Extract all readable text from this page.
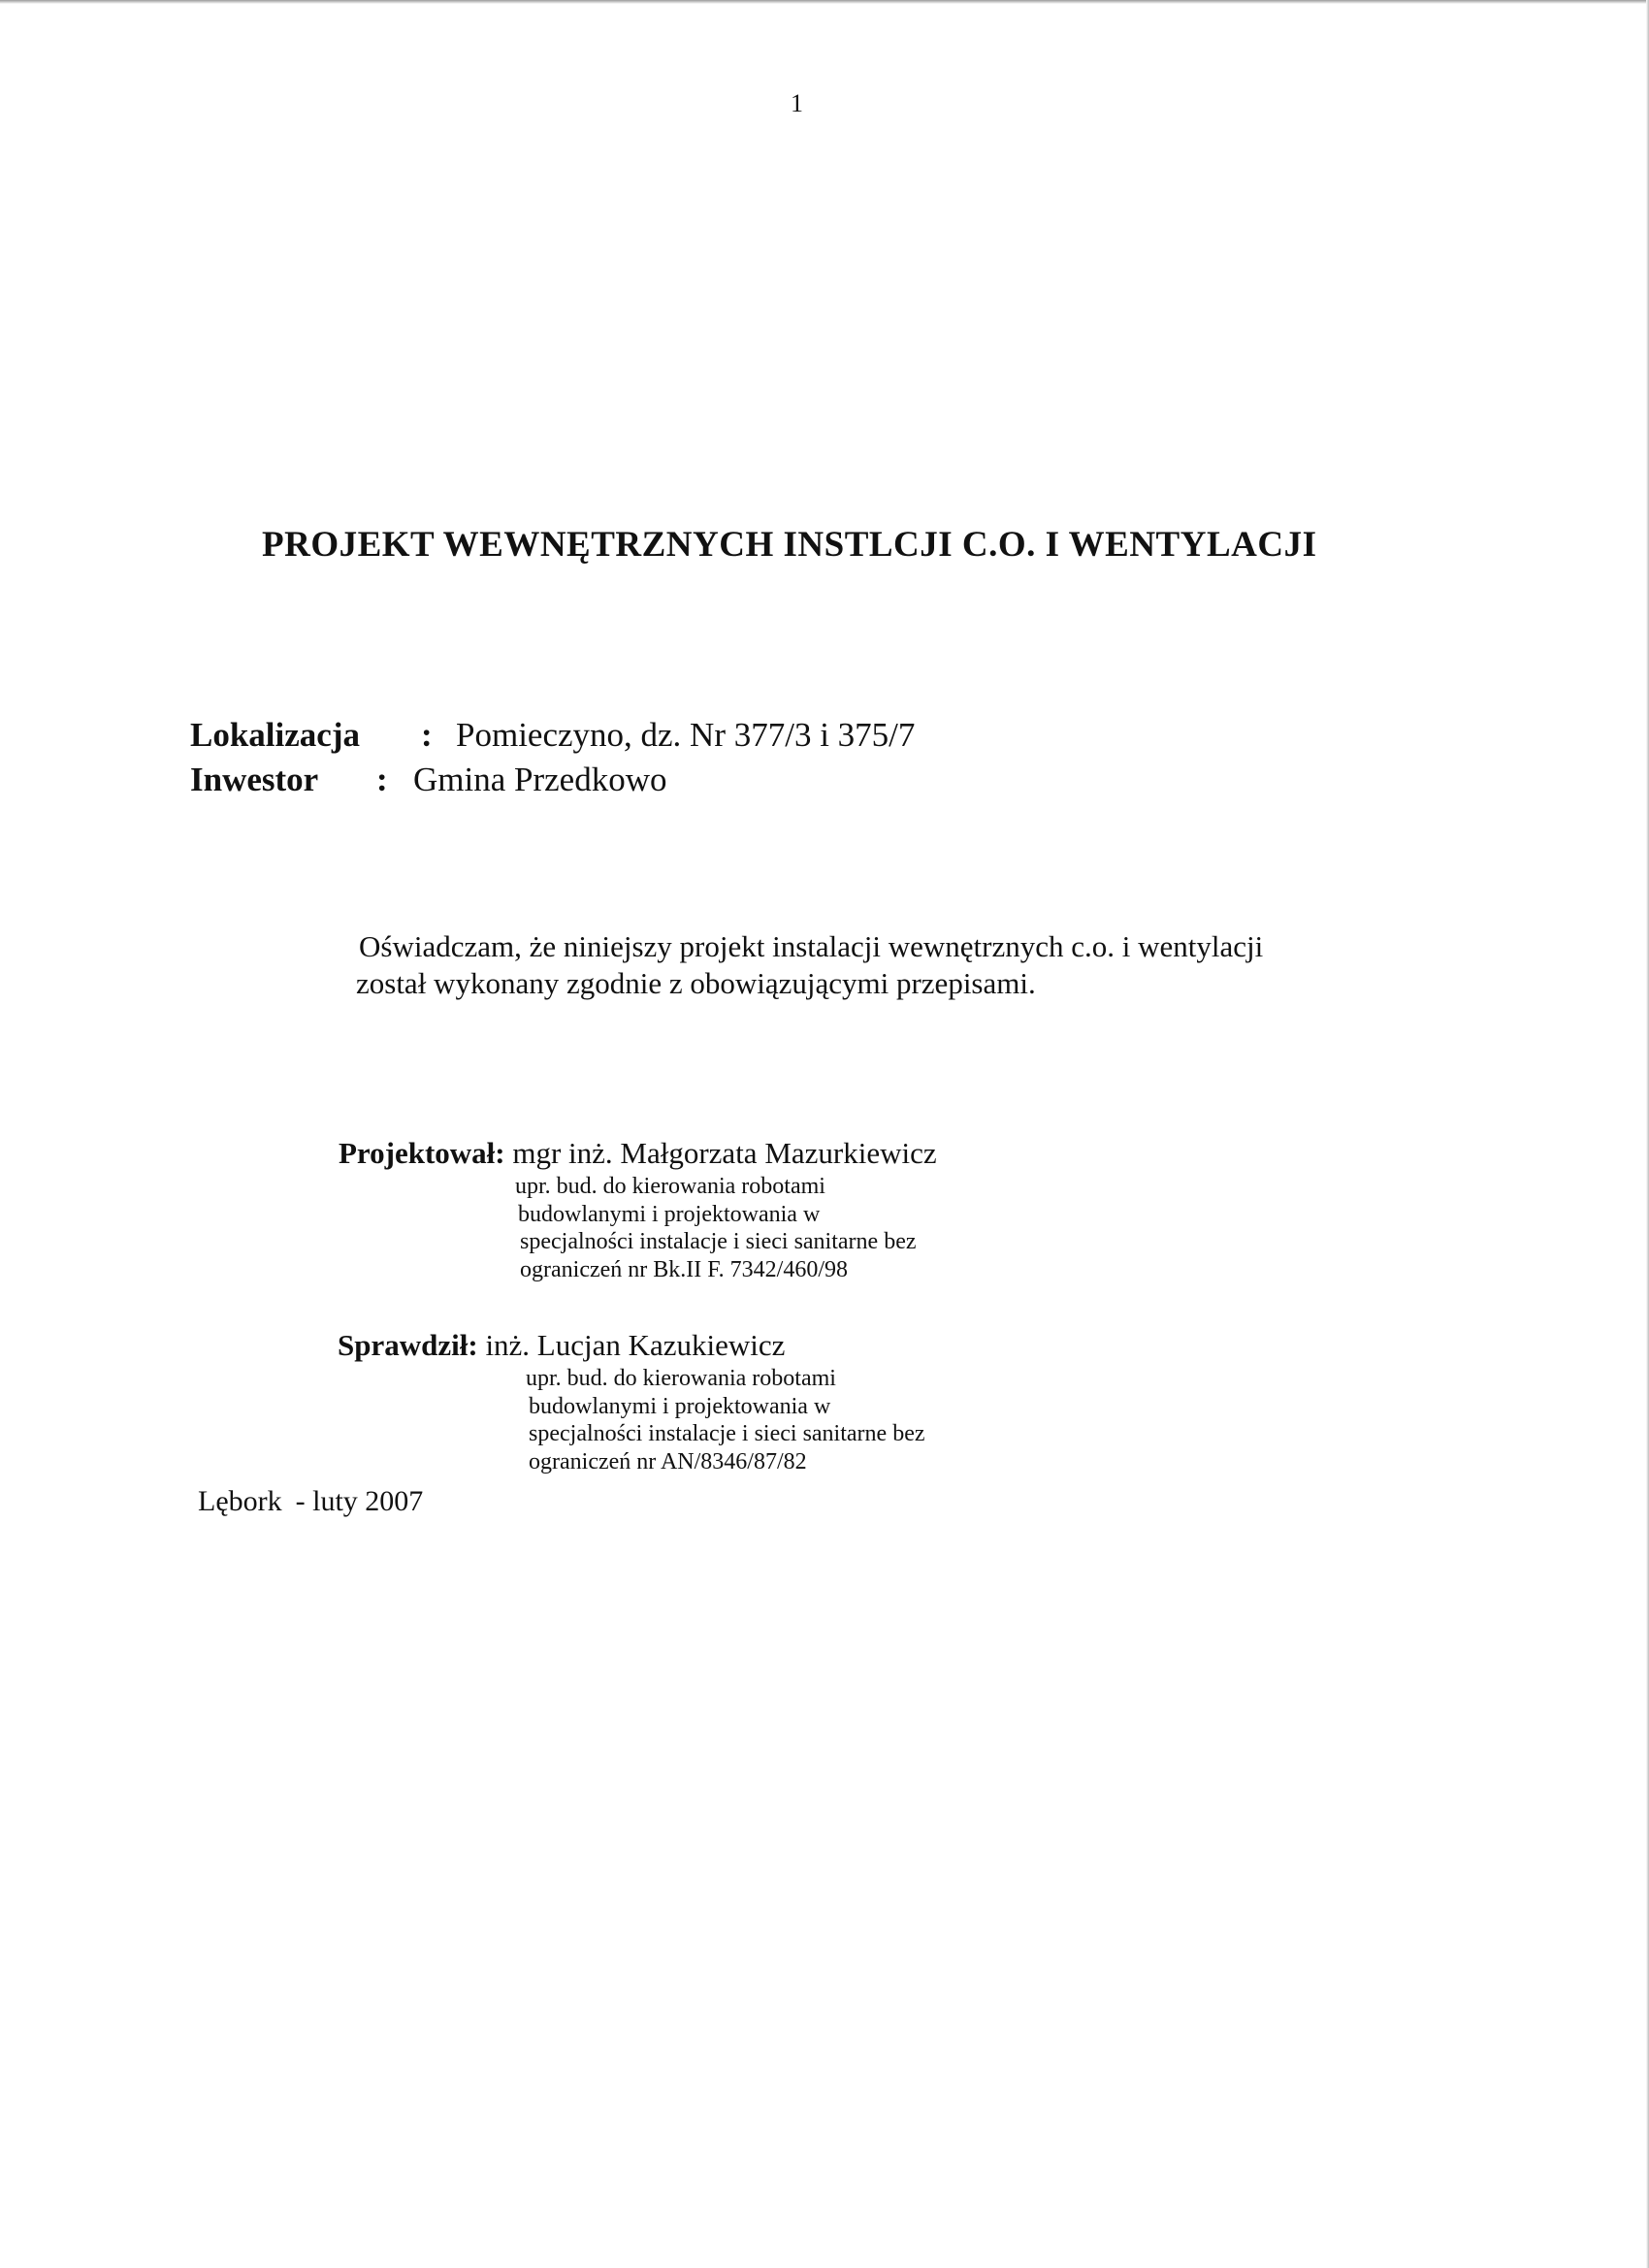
1
PROJEKT WEWNĘTRZNYCH INSTLCJI C.O. I WENTYLACJI
Lokalizacja : Pomieczyno, dz. Nr 377/3 i 375/7
Inwestor : Gmina Przedkowo
Oświadczam, że niniejszy projekt instalacji wewnętrznych c.o. i wentylacji
został wykonany zgodnie z obowiązującymi przepisami.
Projektował: mgr inż. Małgorzata Mazurkiewicz
upr. bud. do kierowania robotami
budowlanymi i projektowania w
specjalności instalacje i sieci sanitarne bez
ograniczeń nr Bk.II F. 7342/460/98
Sprawdził: inż. Lucjan Kazukiewicz
upr. bud. do kierowania robotami
budowlanymi i projektowania w
specjalności instalacje i sieci sanitarne bez
ograniczeń nr AN/8346/87/82
Lębork - luty 2007
